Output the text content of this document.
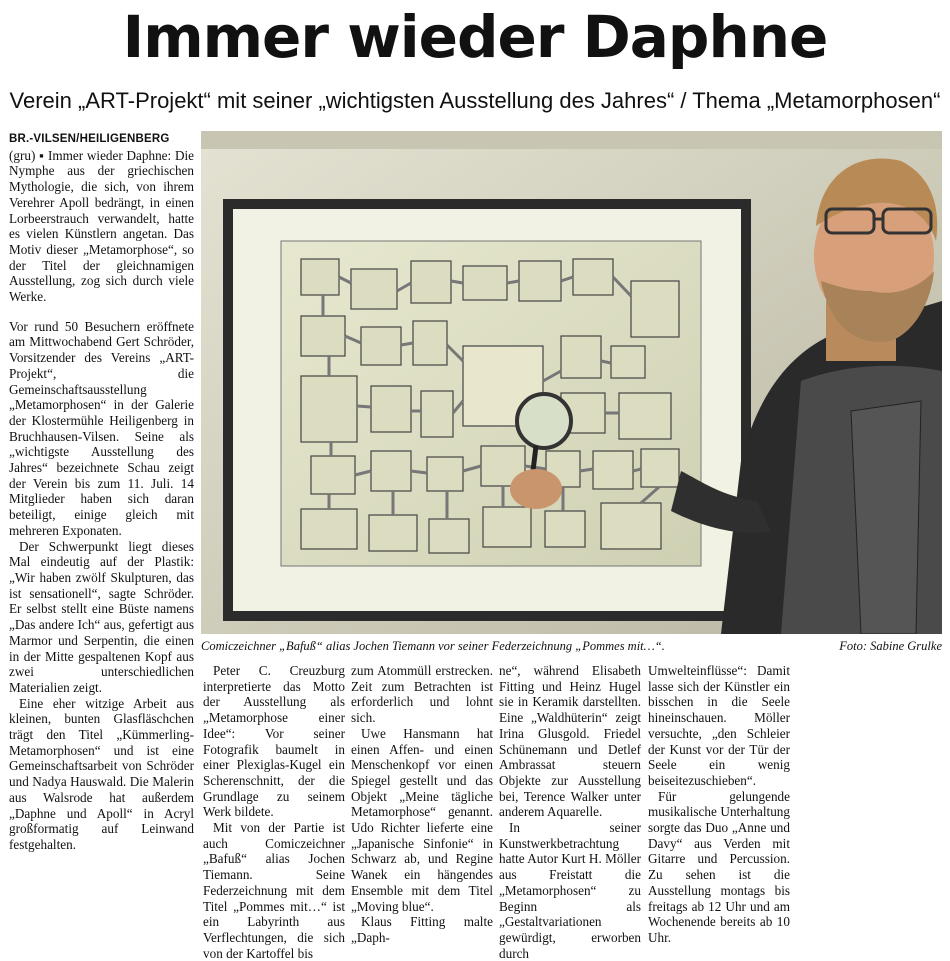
Immer wieder Daphne
Verein „ART-Projekt“ mit seiner „wichtigsten Ausstellung des Jahres“ / Thema „Metamorphosen“
BR.-VILSEN/HEILIGENBERG

(gru) ▪ Immer wieder Daphne: Die Nymphe aus der griechischen Mythologie, die sich, von ihrem Verehrer Apoll bedrängt, in einen Lorbeerstrauch verwandelt, hatte es vielen Künstlern angetan. Das Motiv dieser „Metamorphose“, so der Titel der gleichnamigen Ausstellung, zog sich durch viele Werke.

Vor rund 50 Besuchern eröffnete am Mittwochabend Gert Schröder, Vorsitzender des Vereins „ART-Projekt“, die Gemeinschaftsausstellung „Metamorphosen“ in der Galerie der Klostermühle Heiligenberg in Bruchhausen-Vilsen. Seine als „wichtigste Ausstellung des Jahres“ bezeichnete Schau zeigt der Verein bis zum 11. Juli. 14 Mitglieder haben sich daran beteiligt, einige gleich mit mehreren Exponaten.

Der Schwerpunkt liegt dieses Mal eindeutig auf der Plastik: „Wir haben zwölf Skulpturen, das ist sensationell“, sagte Schröder. Er selbst stellt eine Büste namens „Das andere Ich“ aus, gefertigt aus Marmor und Serpentin, die einen in der Mitte gespaltenen Kopf aus zwei unterschiedlichen Materialien zeigt.

Eine eher witzige Arbeit aus kleinen, bunten Glasfläschchen trägt den Titel „Kümmerling-Metamorphosen“ und ist eine Gemeinschaftsarbeit von Schröder und Nadya Hauswald. Die Malerin aus Walsrode hat außerdem „Daphne und Apoll“ in Acryl großformatig auf Leinwand festgehalten.

Comiczeichner „Bafuß“ alias Jochen Tiemann vor seiner Federzeichnung „Pommes mit…“.	Foto: Sabine Grulke

Peter C. Creuzburg interpretierte das Motto der Ausstellung als „Metamorphose einer Idee“: Vor seiner Fotografik baumelt in einer Plexiglas-Kugel ein Scherenschnitt, der die Grundlage zu seinem Werk bildete.

Mit von der Partie ist auch Comiczeichner „Bafuß“ alias Jochen Tiemann. Seine Federzeichnung mit dem Titel „Pommes mit…“ ist ein Labyrinth aus Verflechtungen, die sich von der Kartoffel bis

zum Atommüll erstrecken. Zeit zum Betrachten ist erforderlich und lohnt sich.

Uwe Hansmann hat einen Affen- und einen Menschenkopf vor einen Spiegel gestellt und das Objekt „Meine tägliche Metamorphose“ genannt. Udo Richter lieferte eine „Japanische Sinfonie“ in Schwarz ab, und Regine Wanek ein hängendes Ensemble mit dem Titel „Moving blue“.

Klaus Fitting malte „Daph-

ne“, während Elisabeth Fitting und Heinz Hugel sie in Keramik darstellten. Eine „Waldhüterin“ zeigt Irina Glusgold. Friedel Schünemann und Detlef Ambrassat steuern Objekte zur Ausstellung bei, Terence Walker unter anderem Aquarelle.

In seiner Kunstwerkbetrachtung hatte Autor Kurt H. Möller aus Freistatt die „Metamorphosen“ zu Beginn als „Gestaltvariationen gewürdigt, erworben durch

Umwelteinflüsse“: Damit lasse sich der Künstler ein bisschen in die Seele hineinschauen. Möller versuchte, „den Schleier der Kunst vor der Tür der Seele ein wenig beiseitezuschieben“.

Für gelungende musikalische Unterhaltung sorgte das Duo „Anne und Davy“ aus Verden mit Gitarre und Percussion. Zu sehen ist die Ausstellung montags bis freitags ab 12 Uhr und am Wochenende bereits ab 10 Uhr.
